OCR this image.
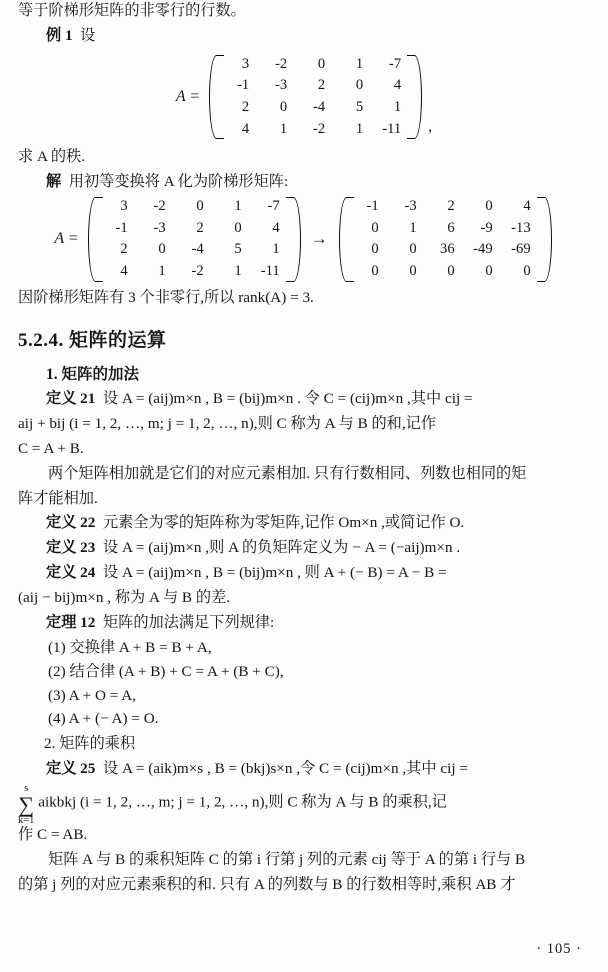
等于阶梯形矩阵的非零行的行数。
例 1 设
A =
3	-2	0	1	-7
-1	-3	2	0	4
2	0	-4	5	1
4	1	-2	1	-11 ,
求 A 的秩.
解 用初等变换将 A 化为阶梯形矩阵:
A =
3	-2	0	1	-7
-1	-3	2	0	4
2	0	-4	5	1
4	1	-2	1	-11
→
-1	-3	2	0	4
0	1	6	-9	-13
0	0	36	-49	-69
0	0	0	0	0
因阶梯形矩阵有 3 个非零行,所以 rank(A) = 3.
5.2.4. 矩阵的运算
1. 矩阵的加法
定义 21 设 A = (aij)m×n , B = (bij)m×n . 令 C = (cij)m×n ,其中 cij =
aij + bij (i = 1, 2, …, m; j = 1, 2, …, n),则 C 称为 A 与 B 的和,记作
C = A + B.
两个矩阵相加就是它们的对应元素相加. 只有行数相同、列数也相同的矩
阵才能相加.
定义 22 元素全为零的矩阵称为零矩阵,记作 Om×n ,或简记作 O.
定义 23 设 A = (aij)m×n ,则 A 的负矩阵定义为 − A = (−aij)m×n .
定义 24 设 A = (aij)m×n , B = (bij)m×n , 则 A + (− B) = A − B =
(aij − bij)m×n , 称为 A 与 B 的差.
定理 12 矩阵的加法满足下列规律:
(1) 交换律 A + B = B + A,
(2) 结合律 (A + B) + C = A + (B + C),
(3) A + O = A,
(4) A + (− A) = O.
2. 矩阵的乘积
定义 25 设 A = (aik)m×s , B = (bkj)s×n ,令 C = (cij)m×n ,其中 cij =
s
∑
k=1
aikbkj (i = 1, 2, …, m; j = 1, 2, …, n),则 C 称为 A 与 B 的乘积,记
作 C = AB.
矩阵 A 与 B 的乘积矩阵 C 的第 i 行第 j 列的元素 cij 等于 A 的第 i 行与 B
的第 j 列的对应元素乘积的和. 只有 A 的列数与 B 的行数相等时,乘积 AB 才
· 105 ·
